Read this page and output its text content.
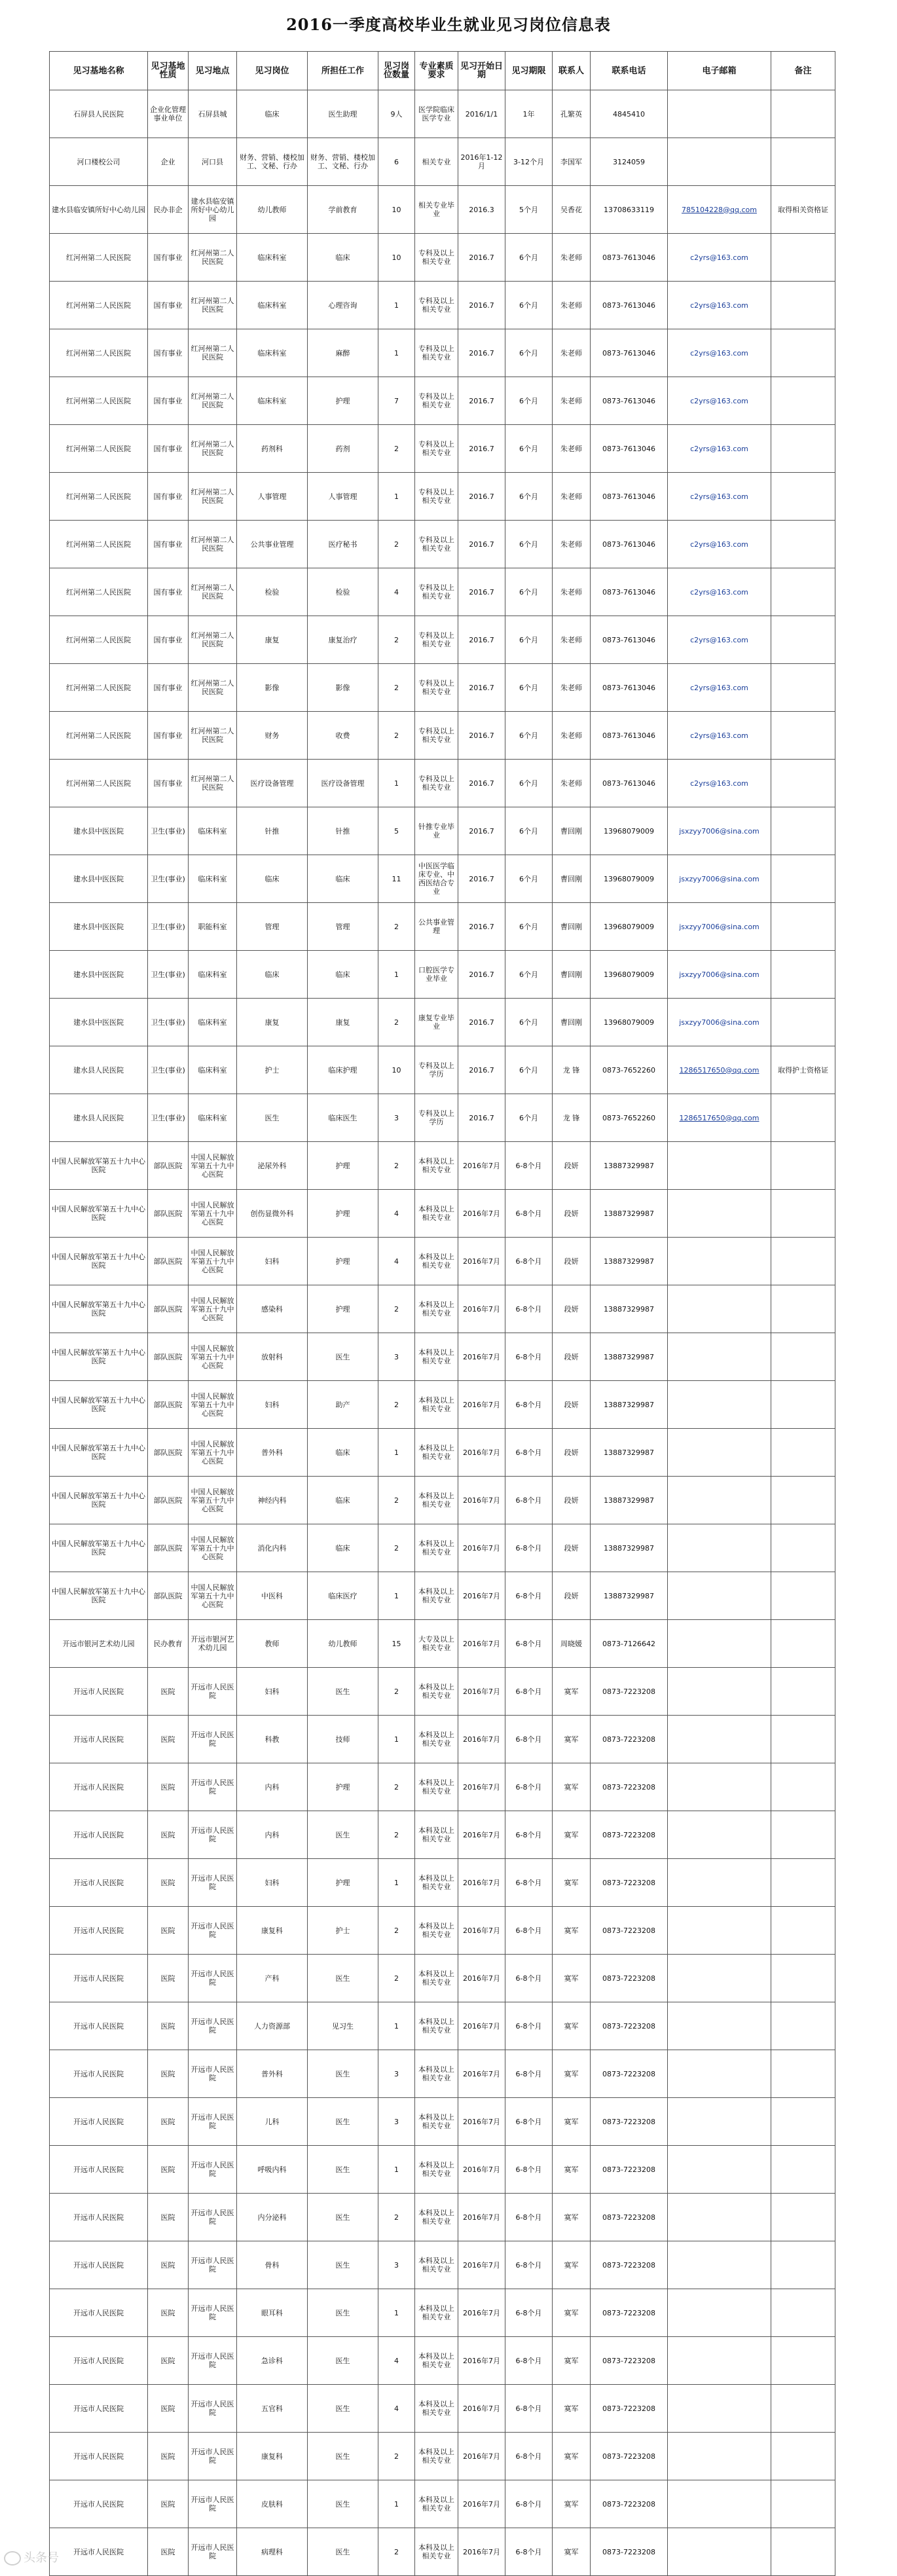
2016一季度高校毕业生就业见习岗位信息表
见习基地名称	见习基地性质	见习地点	见习岗位	所担任工作	见习岗位数量	专业素质要求	见习开始日期	见习期限	联系人	联系电话	电子邮箱	备注
石屏县人民医院	企业化管理事业单位	石屏县城	临床	医生助理	9人	医学院临床医学专业	2016/1/1	1年	孔繁英	4845410		
河口楼校公司	企业	河口县	财务、营销、楼校加工、文秘、行办	财务、营销、楼校加工、文秘、行办	6	相关专业	2016年1-12月	3-12个月	李国军	3124059		
建水县临安镇所好中心幼儿园	民办非企	建水县临安镇所好中心幼儿园	幼儿教师	学前教育	10	相关专业毕业	2016.3	5个月	吴香花	13708633119	785104228@qq.com	取得相关资格证
红河州第二人民医院	国有事业	红河州第二人民医院	临床科室	临床	10	专科及以上相关专业	2016.7	6个月	朱老师	0873-7613046	c2yrs@163.com	
红河州第二人民医院	国有事业	红河州第二人民医院	临床科室	心理咨询	1	专科及以上相关专业	2016.7	6个月	朱老师	0873-7613046	c2yrs@163.com	
红河州第二人民医院	国有事业	红河州第二人民医院	临床科室	麻醉	1	专科及以上相关专业	2016.7	6个月	朱老师	0873-7613046	c2yrs@163.com	
红河州第二人民医院	国有事业	红河州第二人民医院	临床科室	护理	7	专科及以上相关专业	2016.7	6个月	朱老师	0873-7613046	c2yrs@163.com	
红河州第二人民医院	国有事业	红河州第二人民医院	药剂科	药剂	2	专科及以上相关专业	2016.7	6个月	朱老师	0873-7613046	c2yrs@163.com	
红河州第二人民医院	国有事业	红河州第二人民医院	人事管理	人事管理	1	专科及以上相关专业	2016.7	6个月	朱老师	0873-7613046	c2yrs@163.com	
红河州第二人民医院	国有事业	红河州第二人民医院	公共事业管理	医疗秘书	2	专科及以上相关专业	2016.7	6个月	朱老师	0873-7613046	c2yrs@163.com	
红河州第二人民医院	国有事业	红河州第二人民医院	检验	检验	4	专科及以上相关专业	2016.7	6个月	朱老师	0873-7613046	c2yrs@163.com	
红河州第二人民医院	国有事业	红河州第二人民医院	康复	康复治疗	2	专科及以上相关专业	2016.7	6个月	朱老师	0873-7613046	c2yrs@163.com	
红河州第二人民医院	国有事业	红河州第二人民医院	影像	影像	2	专科及以上相关专业	2016.7	6个月	朱老师	0873-7613046	c2yrs@163.com	
红河州第二人民医院	国有事业	红河州第二人民医院	财务	收费	2	专科及以上相关专业	2016.7	6个月	朱老师	0873-7613046	c2yrs@163.com	
红河州第二人民医院	国有事业	红河州第二人民医院	医疗设备管理	医疗设备管理	1	专科及以上相关专业	2016.7	6个月	朱老师	0873-7613046	c2yrs@163.com	
建水县中医医院	卫生(事业)	临床科室	针推	针推	5	针推专业毕业	2016.7	6个月	曹回刚	13968079009	jsxzyy7006@sina.com	
建水县中医医院	卫生(事业)	临床科室	临床	临床	11	中医医学临床专业、中西医结合专业	2016.7	6个月	曹回刚	13968079009	jsxzyy7006@sina.com	
建水县中医医院	卫生(事业)	职能科室	管理	管理	2	公共事业管理	2016.7	6个月	曹回刚	13968079009	jsxzyy7006@sina.com	
建水县中医医院	卫生(事业)	临床科室	临床	临床	1	口腔医学专业毕业	2016.7	6个月	曹回刚	13968079009	jsxzyy7006@sina.com	
建水县中医医院	卫生(事业)	临床科室	康复	康复	2	康复专业毕业	2016.7	6个月	曹回刚	13968079009	jsxzyy7006@sina.com	
建水县人民医院	卫生(事业)	临床科室	护士	临床护理	10	专科及以上学历	2016.7	6个月	龙 锋	0873-7652260	1286517650@qq.com	取得护士资格证
建水县人民医院	卫生(事业)	临床科室	医生	临床医生	3	专科及以上学历	2016.7	6个月	龙 锋	0873-7652260	1286517650@qq.com	
中国人民解放军第五十九中心医院	部队医院	中国人民解放军第五十九中心医院	泌尿外科	护理	2	本科及以上相关专业	2016年7月	6-8个月	段妍	13887329987		
中国人民解放军第五十九中心医院	部队医院	中国人民解放军第五十九中心医院	创伤显微外科	护理	4	本科及以上相关专业	2016年7月	6-8个月	段妍	13887329987		
中国人民解放军第五十九中心医院	部队医院	中国人民解放军第五十九中心医院	妇科	护理	4	本科及以上相关专业	2016年7月	6-8个月	段妍	13887329987		
中国人民解放军第五十九中心医院	部队医院	中国人民解放军第五十九中心医院	感染科	护理	2	本科及以上相关专业	2016年7月	6-8个月	段妍	13887329987		
中国人民解放军第五十九中心医院	部队医院	中国人民解放军第五十九中心医院	放射科	医生	3	本科及以上相关专业	2016年7月	6-8个月	段妍	13887329987		
中国人民解放军第五十九中心医院	部队医院	中国人民解放军第五十九中心医院	妇科	助产	2	本科及以上相关专业	2016年7月	6-8个月	段妍	13887329987		
中国人民解放军第五十九中心医院	部队医院	中国人民解放军第五十九中心医院	普外科	临床	1	本科及以上相关专业	2016年7月	6-8个月	段妍	13887329987		
中国人民解放军第五十九中心医院	部队医院	中国人民解放军第五十九中心医院	神经内科	临床	2	本科及以上相关专业	2016年7月	6-8个月	段妍	13887329987		
中国人民解放军第五十九中心医院	部队医院	中国人民解放军第五十九中心医院	消化内科	临床	2	本科及以上相关专业	2016年7月	6-8个月	段妍	13887329987		
中国人民解放军第五十九中心医院	部队医院	中国人民解放军第五十九中心医院	中医科	临床医疗	1	本科及以上相关专业	2016年7月	6-8个月	段妍	13887329987		
开远市银河艺术幼儿园	民办教育	开远市银河艺术幼儿园	教师	幼儿教师	15	大专及以上相关专业	2016年7月	6-8个月	周晓媛	0873-7126642		
开远市人民医院	医院	开远市人民医院	妇科	医生	2	本科及以上相关专业	2016年7月	6-8个月	寞军	0873-7223208		
开远市人民医院	医院	开远市人民医院	科教	技师	1	本科及以上相关专业	2016年7月	6-8个月	寞军	0873-7223208		
开远市人民医院	医院	开远市人民医院	内科	护理	2	本科及以上相关专业	2016年7月	6-8个月	寞军	0873-7223208		
开远市人民医院	医院	开远市人民医院	内科	医生	2	本科及以上相关专业	2016年7月	6-8个月	寞军	0873-7223208		
开远市人民医院	医院	开远市人民医院	妇科	护理	1	本科及以上相关专业	2016年7月	6-8个月	寞军	0873-7223208		
开远市人民医院	医院	开远市人民医院	康复科	护士	2	本科及以上相关专业	2016年7月	6-8个月	寞军	0873-7223208		
开远市人民医院	医院	开远市人民医院	产科	医生	2	本科及以上相关专业	2016年7月	6-8个月	寞军	0873-7223208		
开远市人民医院	医院	开远市人民医院	人力资源部	见习生	1	本科及以上相关专业	2016年7月	6-8个月	寞军	0873-7223208		
开远市人民医院	医院	开远市人民医院	普外科	医生	3	本科及以上相关专业	2016年7月	6-8个月	寞军	0873-7223208		
开远市人民医院	医院	开远市人民医院	儿科	医生	3	本科及以上相关专业	2016年7月	6-8个月	寞军	0873-7223208		
开远市人民医院	医院	开远市人民医院	呼吸内科	医生	1	本科及以上相关专业	2016年7月	6-8个月	寞军	0873-7223208		
开远市人民医院	医院	开远市人民医院	内分泌科	医生	2	本科及以上相关专业	2016年7月	6-8个月	寞军	0873-7223208		
开远市人民医院	医院	开远市人民医院	骨科	医生	3	本科及以上相关专业	2016年7月	6-8个月	寞军	0873-7223208		
开远市人民医院	医院	开远市人民医院	眼耳科	医生	1	本科及以上相关专业	2016年7月	6-8个月	寞军	0873-7223208		
开远市人民医院	医院	开远市人民医院	急诊科	医生	4	本科及以上相关专业	2016年7月	6-8个月	寞军	0873-7223208		
开远市人民医院	医院	开远市人民医院	五官科	医生	4	本科及以上相关专业	2016年7月	6-8个月	寞军	0873-7223208		
开远市人民医院	医院	开远市人民医院	康复科	医生	2	本科及以上相关专业	2016年7月	6-8个月	寞军	0873-7223208		
开远市人民医院	医院	开远市人民医院	皮肤科	医生	1	本科及以上相关专业	2016年7月	6-8个月	寞军	0873-7223208		
开远市人民医院	医院	开远市人民医院	病理科	医生	2	本科及以上相关专业	2016年7月	6-8个月	寞军	0873-7223208		
头条号
